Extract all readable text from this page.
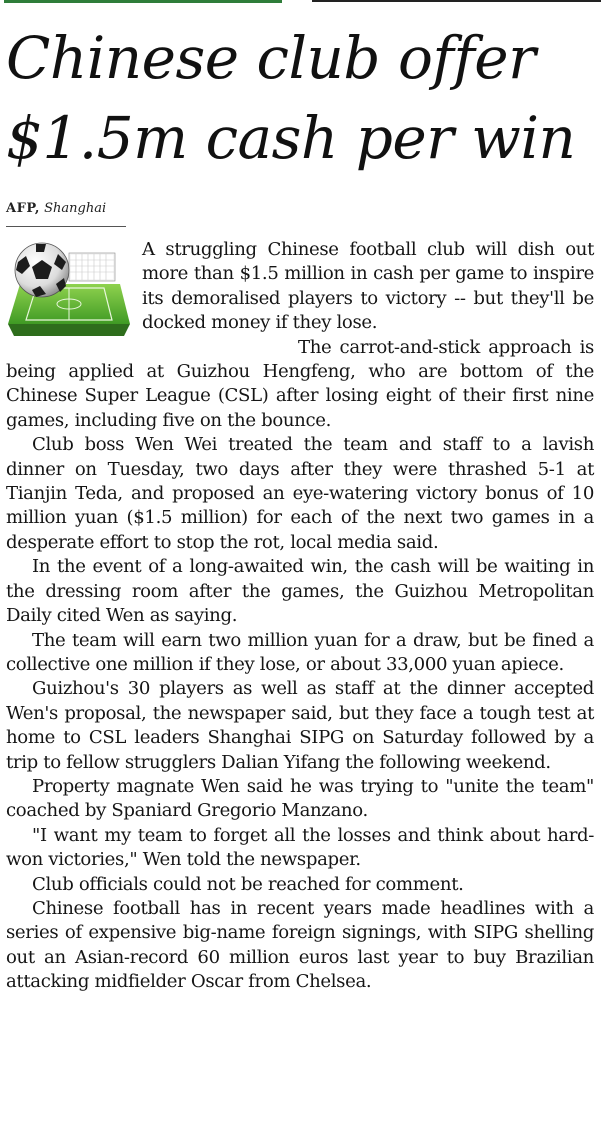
Chinese club offer
$1.5m cash per win
AFP, Shanghai

A struggling Chinese football club will dish out more than $1.5 million in cash per game to inspire its demoralised players to victory -- but they'll be docked money if they lose.

The carrot-and-stick approach is being applied at Guizhou Hengfeng, who are bottom of the Chinese Super League (CSL) after losing eight of their first nine games, including five on the bounce.

Club boss Wen Wei treated the team and staff to a lavish dinner on Tuesday, two days after they were thrashed 5-1 at Tianjin Teda, and proposed an eye-watering victory bonus of 10 million yuan ($1.5 million) for each of the next two games in a desperate effort to stop the rot, local media said.

In the event of a long-awaited win, the cash will be waiting in the dressing room after the games, the Guizhou Metropolitan Daily cited Wen as saying.

The team will earn two million yuan for a draw, but be fined a collective one million if they lose, or about 33,000 yuan apiece.

Guizhou's 30 players as well as staff at the dinner accepted Wen's proposal, the newspaper said, but they face a tough test at home to CSL leaders Shanghai SIPG on Saturday followed by a trip to fellow strugglers Dalian Yifang the following weekend.

Property magnate Wen said he was trying to "unite the team" coached by Spaniard Gregorio Manzano.

"I want my team to forget all the losses and think about hard-won victories," Wen told the newspaper.

Club officials could not be reached for comment.

Chinese football has in recent years made headlines with a series of expensive big-name foreign signings, with SIPG shelling out an Asian-record 60 million euros last year to buy Brazilian attacking midfielder Oscar from Chelsea.
